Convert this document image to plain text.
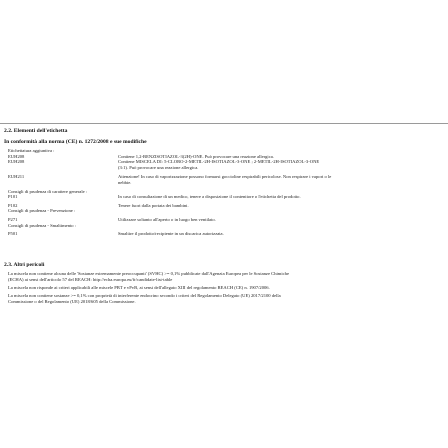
2.2. Elementi dell'etichetta
In conformità alla norma (CE) n. 1272/2008 e sue modifiche
Etichettatura aggiuntiva :
EUH208	Contiene 1,2-BENZISOTIAZOL-3(2H)-ONE. Può provocare una reazione allergica.
EUH208	Contiene MISCELA DI: 5-CLORO-2-METIL-2H-ISOTIAZOL-3-ONE ; 2-METIL-2H-ISOTIAZOL-3-ONE
(3:1). Può provocare una reazione allergica.
EUH211	Attenzione! In caso di vaporizzazione possono formarsi goccioline respirabili pericolose. Non respirare i vapori o le
nebbie.
Consigli di prudenza di carattere generale :
P101	In caso di consultazione di un medico, tenere a disposizione il contenitore o l'etichetta del prodotto.
P102	Tenere fuori dalla portata dei bambini.
Consigli di prudenza - Prevenzione :
P271	Utilizzare soltanto all'aperto o in luogo ben ventilato.
Consigli di prudenza - Smaltimento :
P501	Smaltire il prodotto/recipiente in un discarica autorizzata.
2.3. Altri pericoli
La miscela non contiene alcuna delle 'Sostanze estremamente preoccupanti' (SVHC) >= 0,1% pubblicate dall'Agenzia Europea per le Sostanze Chimiche
(ECHA) ai sensi dell'articolo 57 del REACH: http://echa.europa.eu/fr/candidate-list-table
La miscela non risponde ai criteri applicabili alle miscele PBT e vPvB, ai sensi dell'allegato XIII del regolamento REACH (CE) n. 1907/2006.
La miscela non contiene sostanze >= 0,1% con proprietà di interferente endocrino secondo i criteri del Regolamento Delegato (UE) 2017/2100 della
Commissione o del Regolamento (UE) 2018/605 della Commissione.
